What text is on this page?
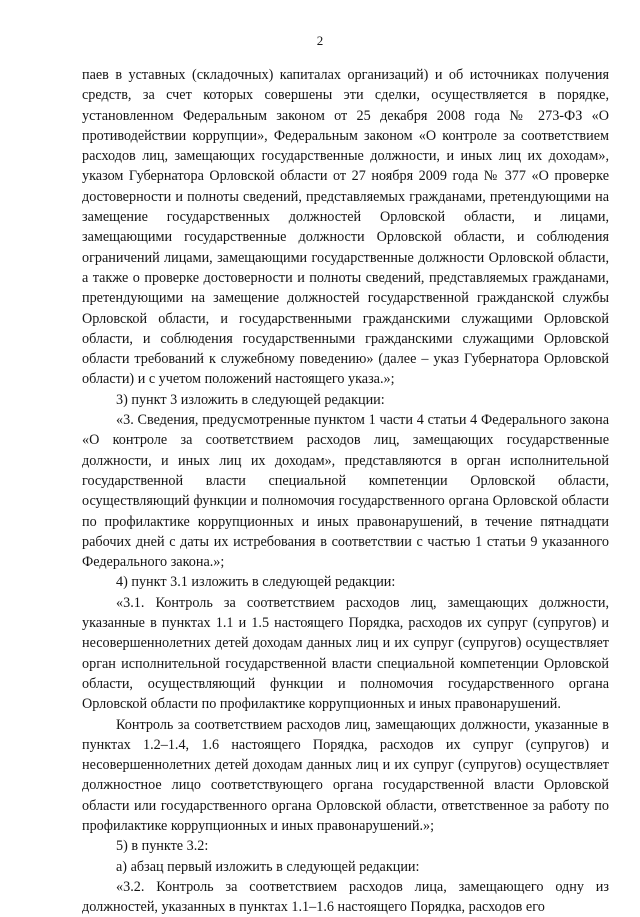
2

паев в уставных (складочных) капиталах организаций) и об источниках получения средств, за счет которых совершены эти сделки, осуществляется в порядке, установленном Федеральным законом от 25 декабря 2008 года № 273-ФЗ «О противодействии коррупции», Федеральным законом «О контроле за соответствием расходов лиц, замещающих государственные должности, и иных лиц их доходам», указом Губернатора Орловской области от 27 ноября 2009 года № 377 «О проверке достоверности и полноты сведений, представляемых гражданами, претендующими на замещение государственных должностей Орловской области, и лицами, замещающими государственные должности Орловской области, и соблюдения ограничений лицами, замещающими государственные должности Орловской области, а также о проверке достоверности и полноты сведений, представляемых гражданами, претендующими на замещение должностей государственной гражданской службы Орловской области, и государственными гражданскими служащими Орловской области, и соблюдения государственными гражданскими служащими Орловской области требований к служебному поведению» (далее – указ Губернатора Орловской области) и с учетом положений настоящего указа.»;

3) пункт 3 изложить в следующей редакции:

«3. Сведения, предусмотренные пунктом 1 части 4 статьи 4 Федерального закона «О контроле за соответствием расходов лиц, замещающих государственные должности, и иных лиц их доходам», представляются в орган исполнительной государственной власти специальной компетенции Орловской области, осуществляющий функции и полномочия государственного органа Орловской области по профилактике коррупционных и иных правонарушений, в течение пятнадцати рабочих дней с даты их истребования в соответствии с частью 1 статьи 9 указанного Федерального закона.»;

4) пункт 3.1 изложить в следующей редакции:

«3.1. Контроль за соответствием расходов лиц, замещающих должности, указанные в пунктах 1.1 и 1.5 настоящего Порядка, расходов их супруг (супругов) и несовершеннолетних детей доходам данных лиц и их супруг (супругов) осуществляет орган исполнительной государственной власти специальной компетенции Орловской области, осуществляющий функции и полномочия государственного органа Орловской области по профилактике коррупционных и иных правонарушений.

Контроль за соответствием расходов лиц, замещающих должности, указанные в пунктах 1.2–1.4, 1.6 настоящего Порядка, расходов их супруг (супругов) и несовершеннолетних детей доходам данных лиц и их супруг (супругов) осуществляет должностное лицо соответствующего органа государственной власти Орловской области или государственного органа Орловской области, ответственное за работу по профилактике коррупционных и иных правонарушений.»;

5) в пункте 3.2:

а) абзац первый изложить в следующей редакции:

«3.2. Контроль за соответствием расходов лица, замещающего одну из должностей, указанных в пунктах 1.1–1.6 настоящего Порядка, расходов его
